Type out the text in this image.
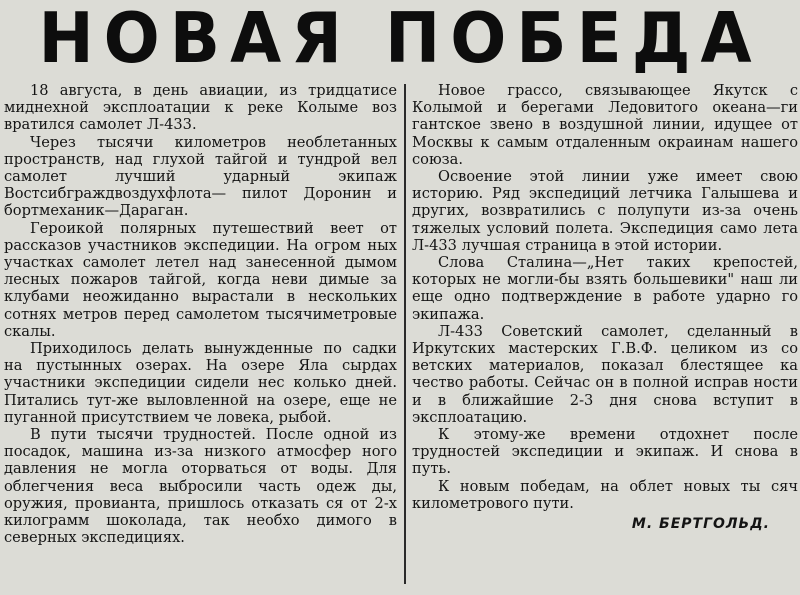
НОВАЯ ПОБЕДА

18 августа, в день авиации, из тридцатисе миднехной эксплоатации к реке Колыме воз вратился самолет Л-433.

Через тысячи километров необлетанных пространств, над глухой тайгой и тундрой вел самолет лучший ударный экипаж Востсибграждвоздухфлота— пилот Доронин и бортмеханик—Дараган.

Героикой полярных путешествий веет от рассказов участников экспедиции. На огром ных участках самолет летел над занесенной дымом лесных пожаров тайгой, когда неви димые за клубами неожиданно вырастали в нескольких сотнях метров перед самолетом тысячиметровые скалы.

Приходилось делать вынужденные по садки на пустынных озерах. На озере Яла сырдах участники экспедиции сидели нес колько дней. Питались тут-же выловленной на озере, еще не пуганной присутствием че ловека, рыбой.

В пути тысячи трудностей. После одной из посадок, машина из-за низкого атмосфер ного давления не могла оторваться от воды. Для облегчения веса выбросили часть одеж ды, оружия, провианта, пришлось отказать ся от 2-х килограмм шоколада, так необхо димого в северных экспедициях.

Новое грассо, связывающее Якутск с Колымой и берегами Ледовитого океана—ги гантское звено в воздушной линии, идущее от Москвы к самым отдаленным окраинам нашего союза.

Освоение этой линии уже имеет свою историю. Ряд экспедиций летчика Галышева и других, возвратились с полупути из-за очень тяжелых условий полета. Экспедиция само лета Л-433 лучшая страница в этой истории.

Слова Сталина—„Нет таких крепостей, которых не могли-бы взять большевики" наш ли еще одно подтверждение в работе ударно го экипажа.

Л-433 Советский самолет, сделанный в Иркутских мастерских Г.В.Ф. целиком из со ветских материалов, показал блестящее ка чество работы. Сейчас он в полной исправ ности и в ближайшие 2-3 дня снова вступит в эксплоатацию.

К этому-же времени отдохнет после трудностей экспедиции и экипаж. И снова в путь.

К новым победам, на облет новых ты сяч километрового пути.

М. БЕРТГОЛЬД.
